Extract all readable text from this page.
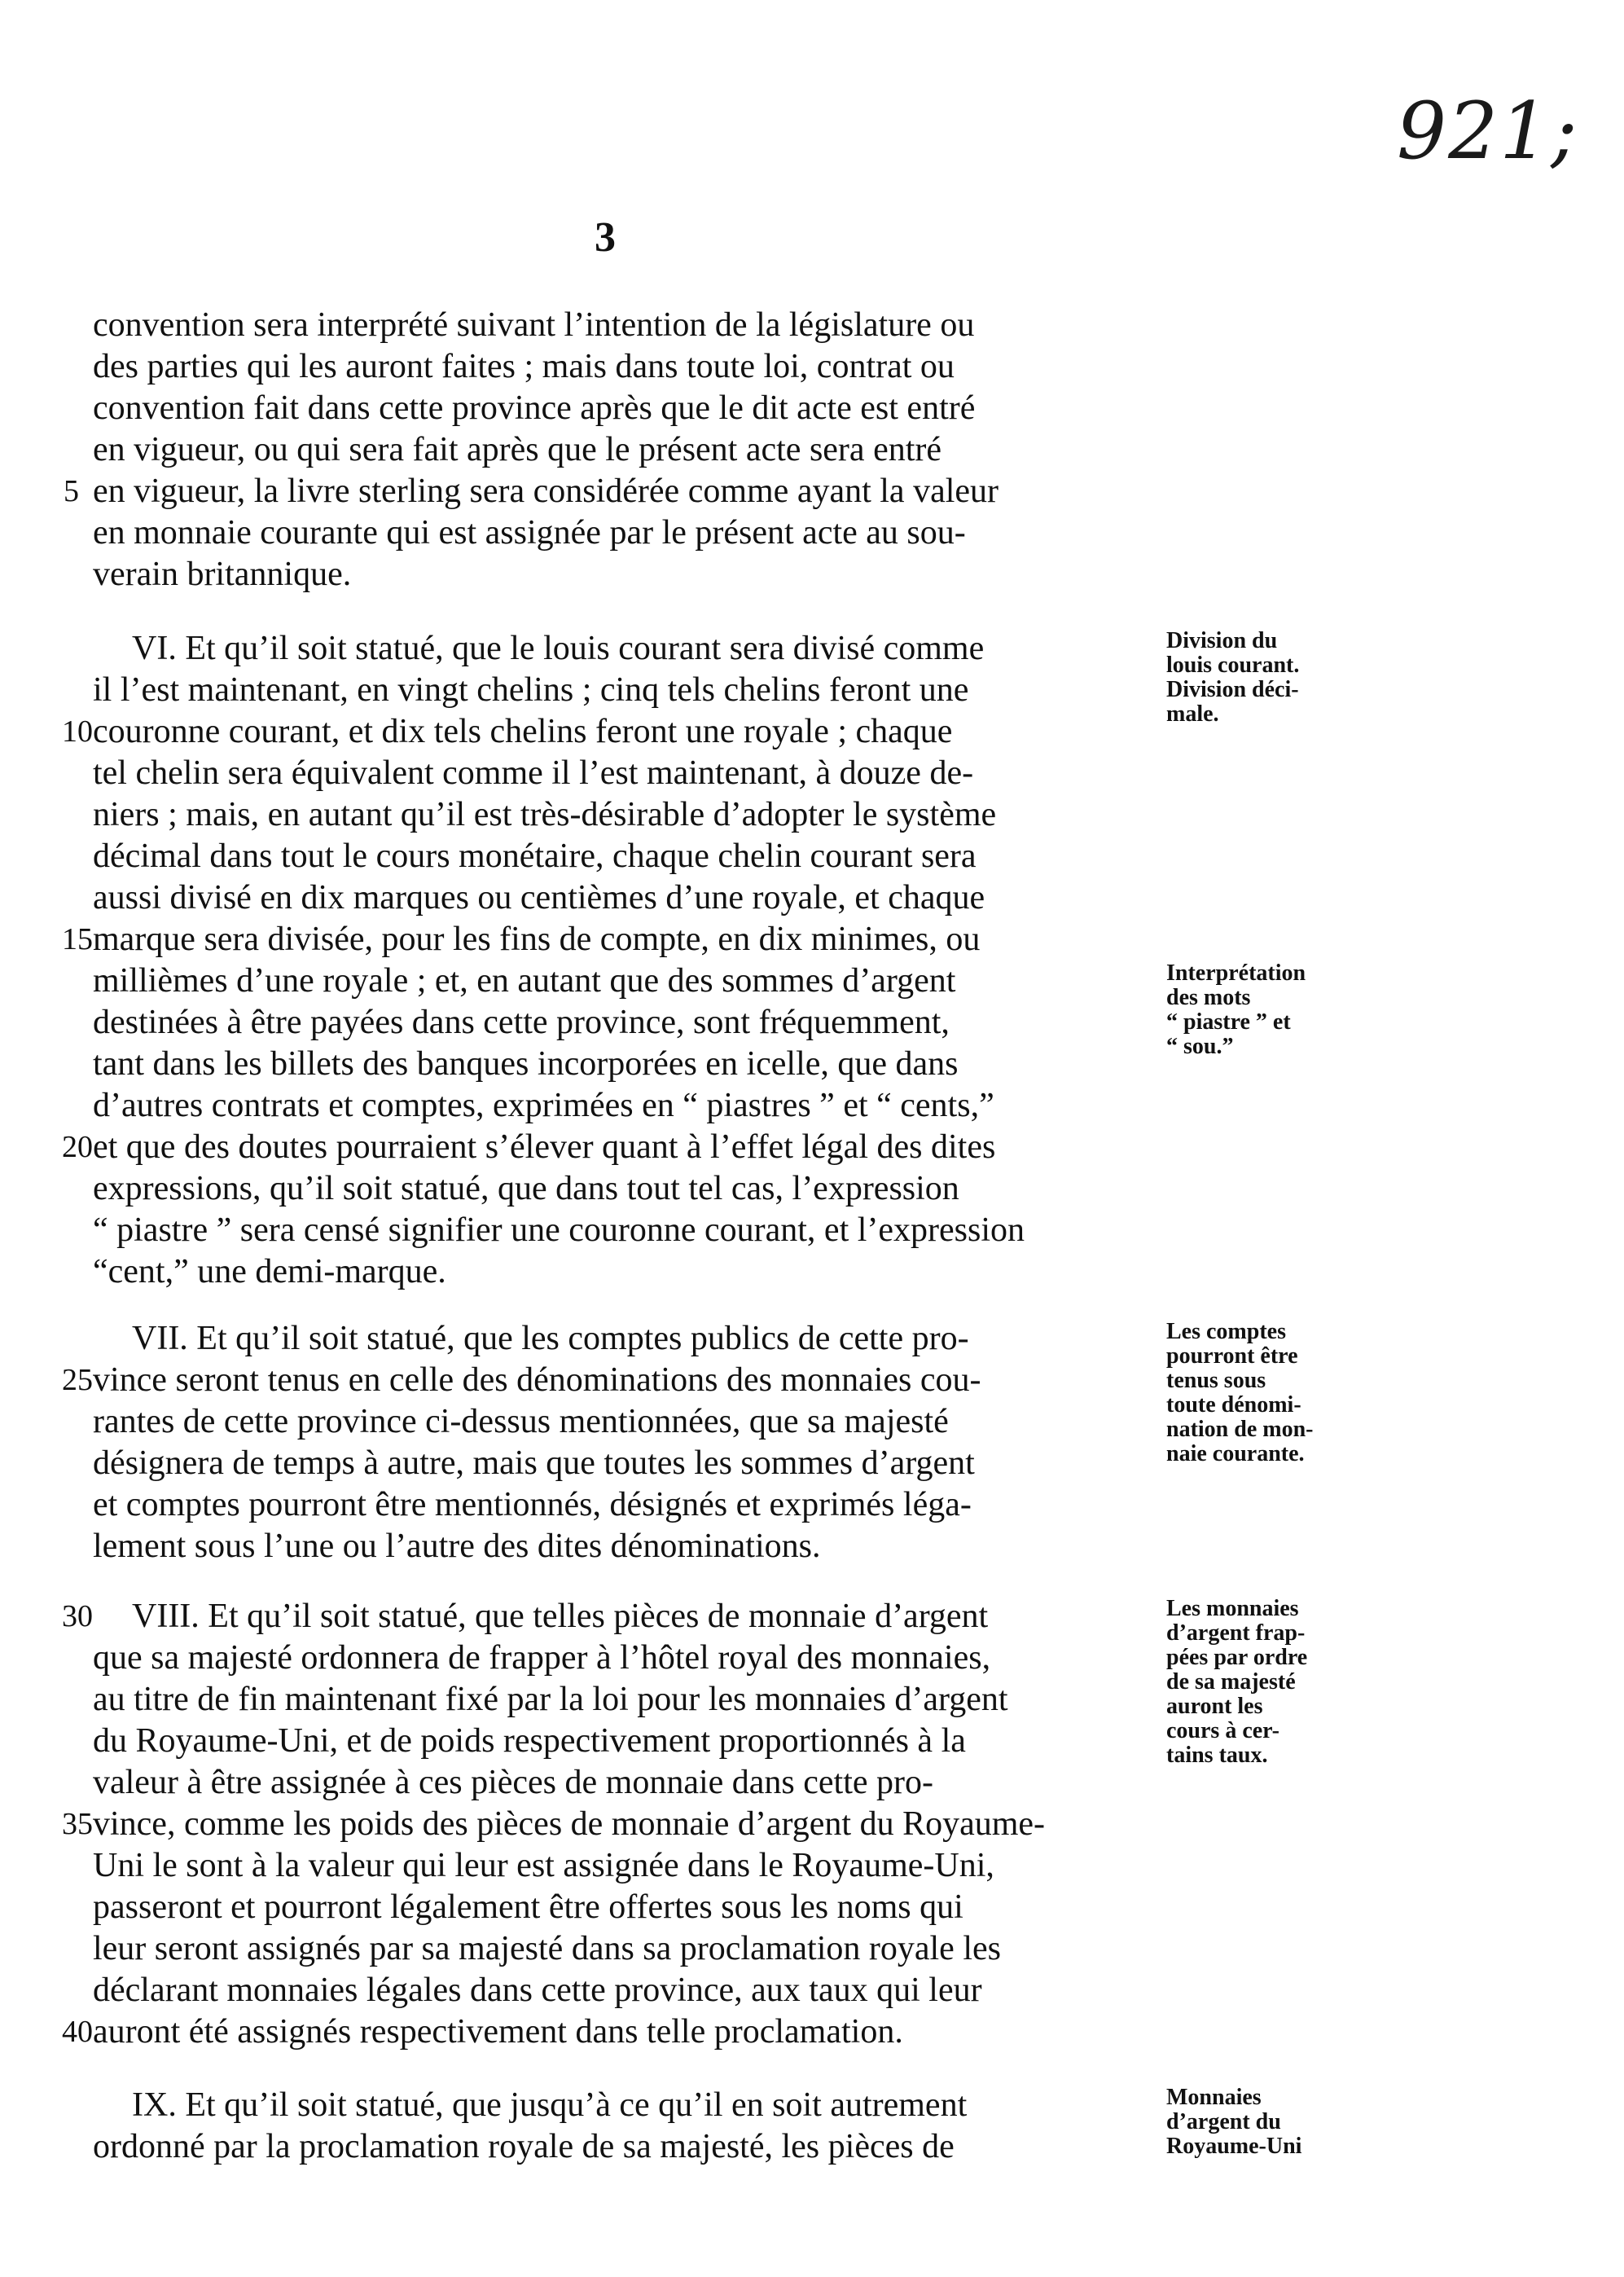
921;
3
convention sera interprété suivant l’intention de la législature ou
des parties qui les auront faites ; mais dans toute loi, contrat ou
convention fait dans cette province après que le dit acte est entré
en vigueur, ou qui sera fait après que le présent acte sera entré
en vigueur, la livre sterling sera considérée comme ayant la valeur
en monnaie courante qui est assignée par le présent acte au sou-
verain britannique.
VI. Et qu’il soit statué, que le louis courant sera divisé comme
il l’est maintenant, en vingt chelins ; cinq tels chelins feront une
couronne courant, et dix tels chelins feront une royale ; chaque
tel chelin sera équivalent comme il l’est maintenant, à douze de-
niers ; mais, en autant qu’il est très-désirable d’adopter le système
décimal dans tout le cours monétaire, chaque chelin courant sera
aussi divisé en dix marques ou centièmes d’une royale, et chaque
marque sera divisée, pour les fins de compte, en dix minimes, ou
millièmes d’une royale ; et, en autant que des sommes d’argent
destinées à être payées dans cette province, sont fréquemment,
tant dans les billets des banques incorporées en icelle, que dans
d’autres contrats et comptes, exprimées en “ piastres ” et “ cents,”
et que des doutes pourraient s’élever quant à l’effet légal des dites
expressions, qu’il soit statué, que dans tout tel cas, l’expression
“ piastre ” sera censé signifier une couronne courant, et l’expression
“cent,” une demi-marque.
VII. Et qu’il soit statué, que les comptes publics de cette pro-
vince seront tenus en celle des dénominations des monnaies cou-
rantes de cette province ci-dessus mentionnées, que sa majesté
désignera de temps à autre, mais que toutes les sommes d’argent
et comptes pourront être mentionnés, désignés et exprimés léga-
lement sous l’une ou l’autre des dites dénominations.
VIII. Et qu’il soit statué, que telles pièces de monnaie d’argent
que sa majesté ordonnera de frapper à l’hôtel royal des monnaies,
au titre de fin maintenant fixé par la loi pour les monnaies d’argent
du Royaume-Uni, et de poids respectivement proportionnés à la
valeur à être assignée à ces pièces de monnaie dans cette pro-
vince, comme les poids des pièces de monnaie d’argent du Royaume-
Uni le sont à la valeur qui leur est assignée dans le Royaume-Uni,
passeront et pourront légalement être offertes sous les noms qui
leur seront assignés par sa majesté dans sa proclamation royale les
déclarant monnaies légales dans cette province, aux taux qui leur
auront été assignés respectivement dans telle proclamation.
IX. Et qu’il soit statué, que jusqu’à ce qu’il en soit autrement
ordonné par la proclamation royale de sa majesté, les pièces de
5
10
15
20
25
30
35
40
Division du
louis courant.
Division déci-
male.
Interprétation
des mots
“ piastre ” et
“ sou.”
Les comptes
pourront être
tenus sous
toute dénomi-
nation de mon-
naie courante.
Les monnaies
d’argent frap-
pées par ordre
de sa majesté
auront les
cours à cer-
tains taux.
Monnaies
d’argent du
Royaume-Uni
